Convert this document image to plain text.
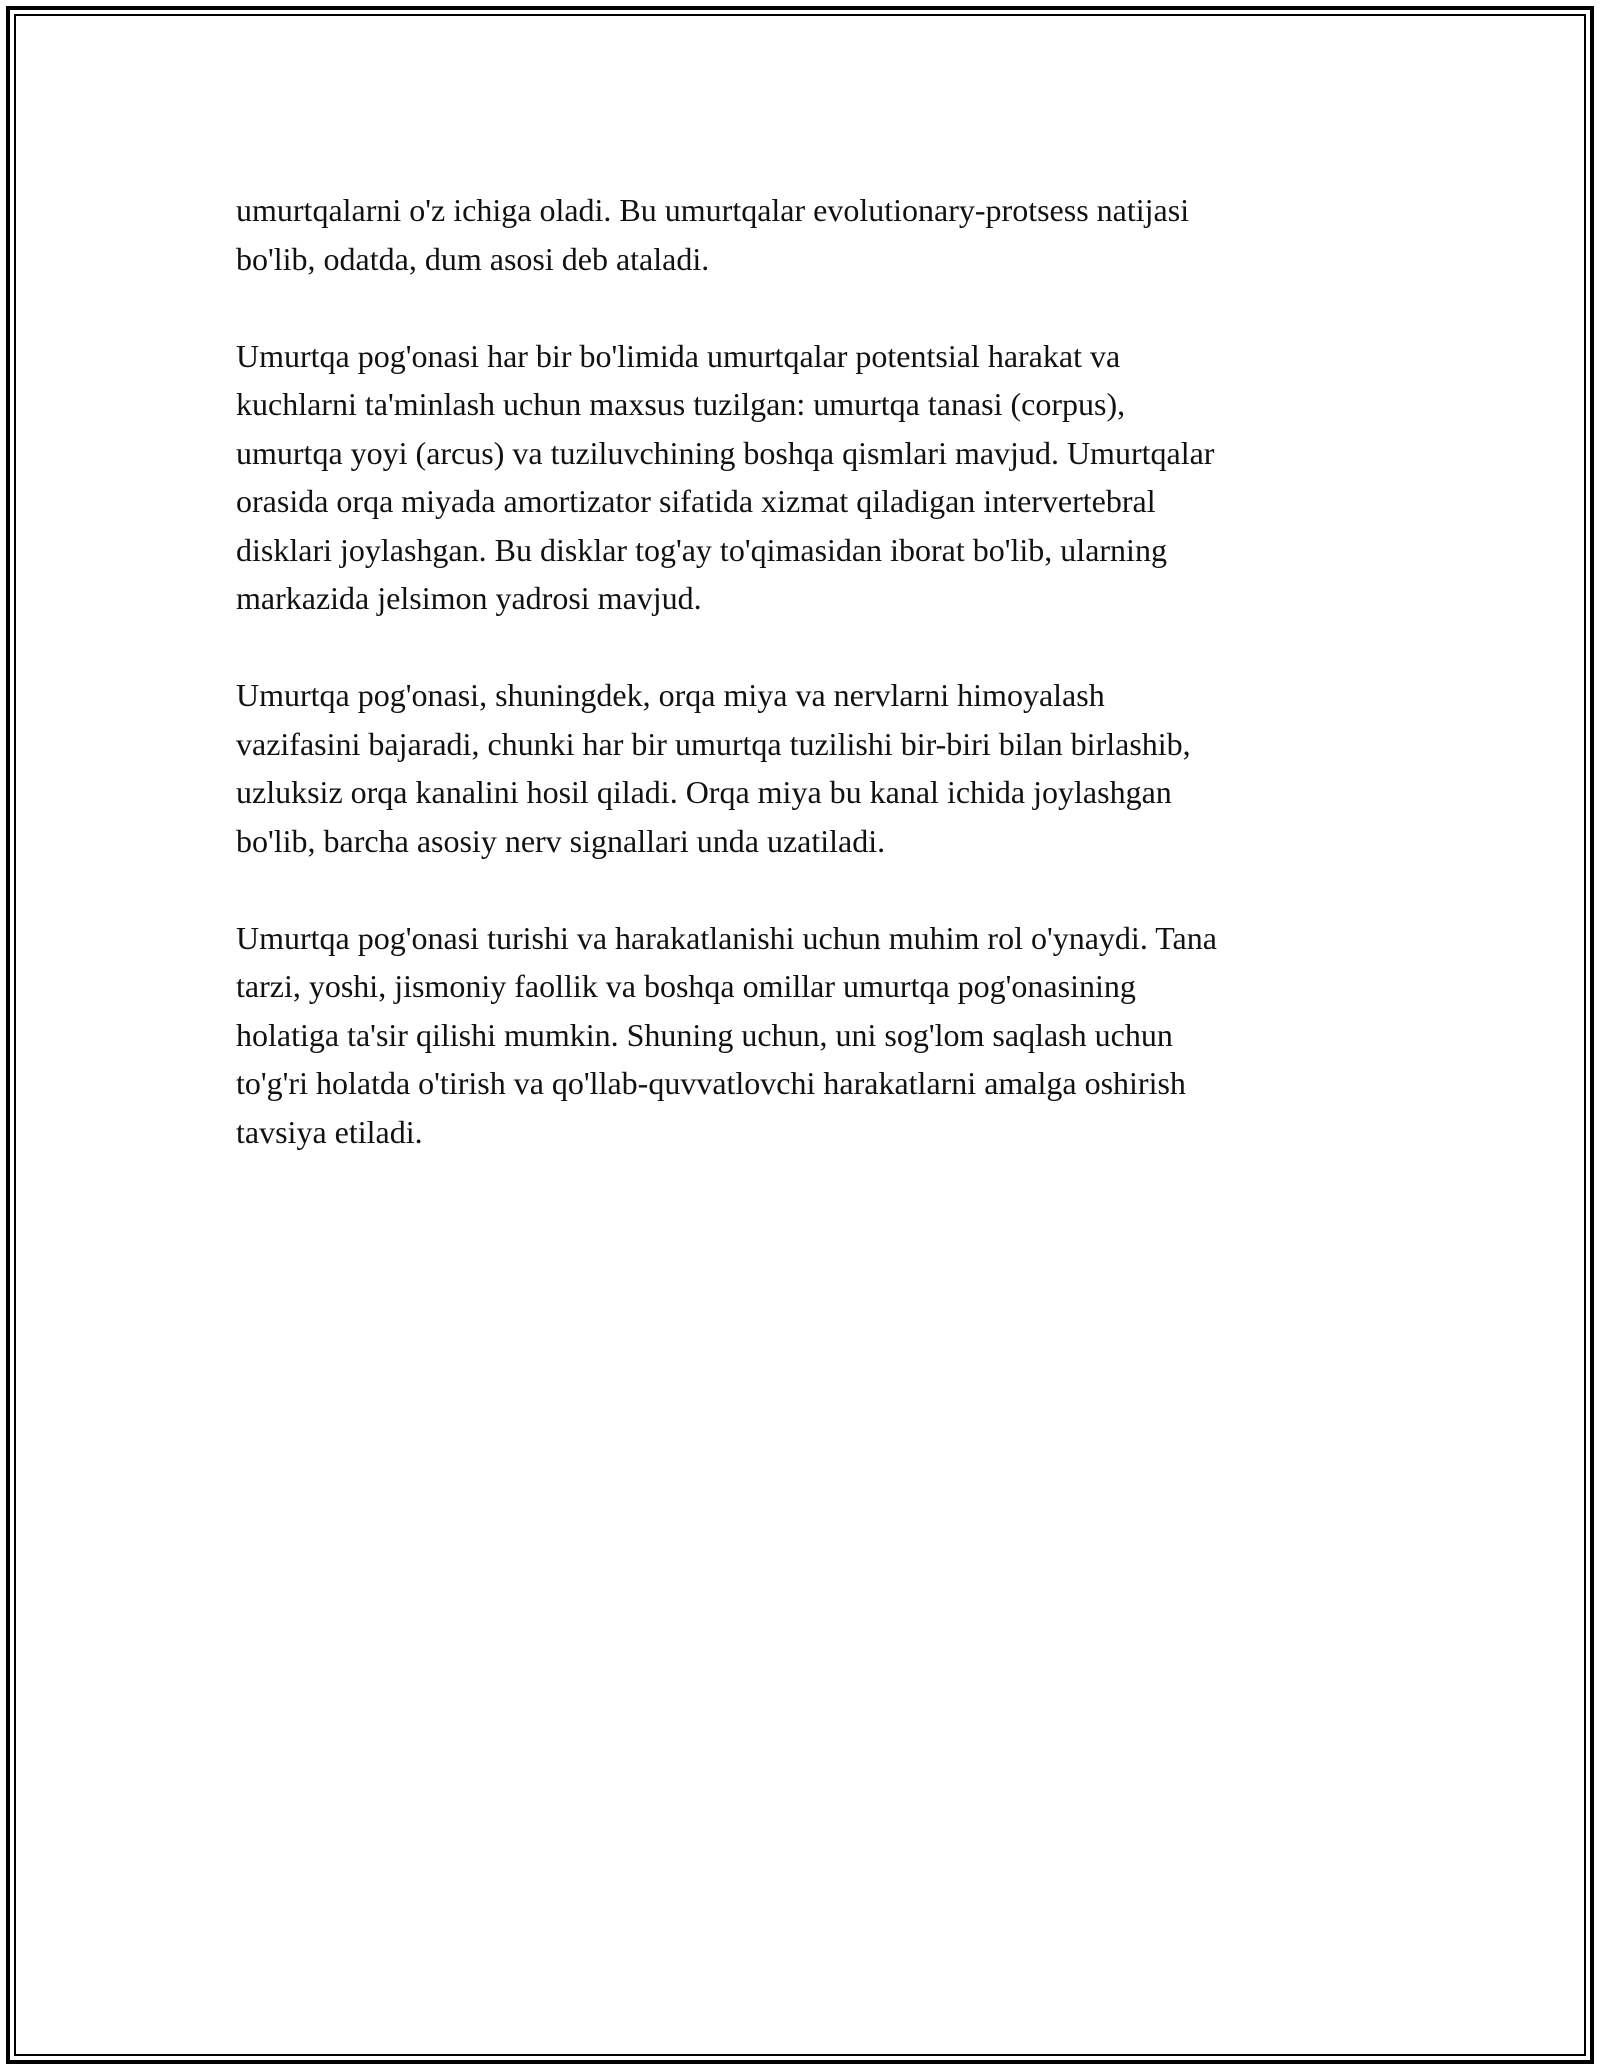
umurtqalarni o'z ichiga oladi. Bu umurtqalar evolutionary-protsess natijasi
bo'lib, odatda, dum asosi deb ataladi.

Umurtqa pog'onasi har bir bo'limida umurtqalar potentsial harakat va
kuchlarni ta'minlash uchun maxsus tuzilgan: umurtqa tanasi (corpus),
umurtqa yoyi (arcus) va tuziluvchining boshqa qismlari mavjud. Umurtqalar
orasida orqa miyada amortizator sifatida xizmat qiladigan intervertebral
disklari joylashgan. Bu disklar tog'ay to'qimasidan iborat bo'lib, ularning
markazida jelsimon yadrosi mavjud.

Umurtqa pog'onasi, shuningdek, orqa miya va nervlarni himoyalash
vazifasini bajaradi, chunki har bir umurtqa tuzilishi bir-biri bilan birlashib,
uzluksiz orqa kanalini hosil qiladi. Orqa miya bu kanal ichida joylashgan
bo'lib, barcha asosiy nerv signallari unda uzatiladi.

Umurtqa pog'onasi turishi va harakatlanishi uchun muhim rol o'ynaydi. Tana
tarzi, yoshi, jismoniy faollik va boshqa omillar umurtqa pog'onasining
holatiga ta'sir qilishi mumkin. Shuning uchun, uni sog'lom saqlash uchun
to'g'ri holatda o'tirish va qo'llab-quvvatlovchi harakatlarni amalga oshirish
tavsiya etiladi.
